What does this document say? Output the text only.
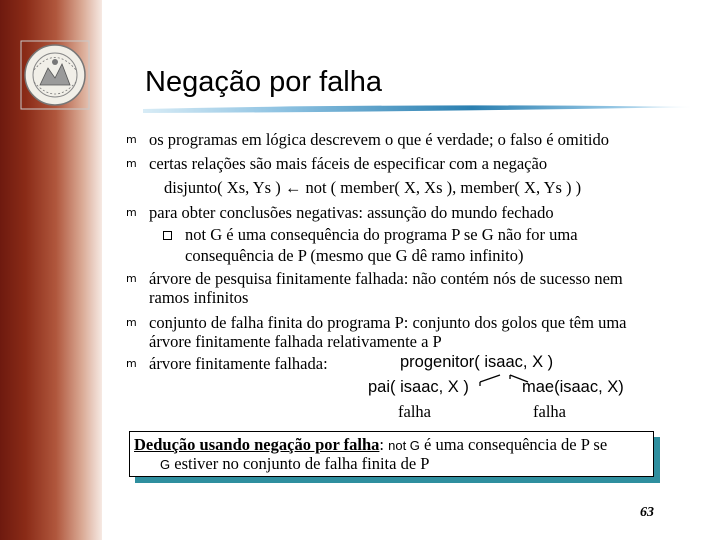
Negação por falha
m os programas em lógica descrevem o que é verdade; o falso é omitido
m certas relações são mais fáceis de especificar com a negação
disjunto( Xs, Ys ) ← not ( member( X, Xs ), member( X, Ys ) )
m para obter conclusões negativas: assunção do mundo fechado
not G é uma consequência do programa P se G não for uma
consequência de P (mesmo que G dê ramo infinito)
m árvore de pesquisa finitamente falhada: não contém nós de sucesso nem
ramos infinitos
m conjunto de falha finita do programa P: conjunto dos golos que têm uma
árvore finitamente falhada relativamente a P
m árvore finitamente falhada:	progenitor( isaac, X )
pai( isaac, X )	mae(isaac, X)
falha	falha
Dedução usando negação por falha: not G é uma consequência de P se
G estiver no conjunto de falha finita de P
63
